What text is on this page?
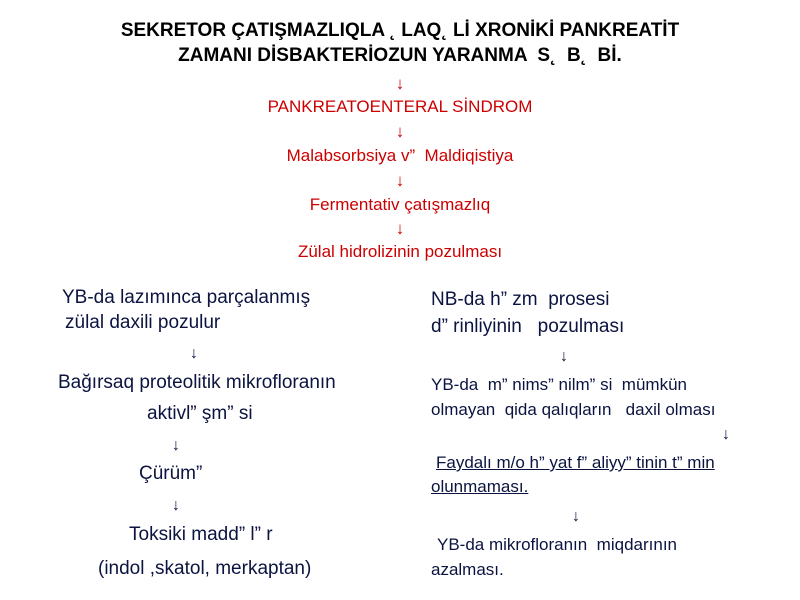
SEKRETOR ÇATIŞMAZLIQLA ˛ LAQ˛ Lİ XRONİKİ PANKREATİT
ZAMANI DİSBAKTERİOZUN YARANMA  S˛  B˛  Bİ.
↓
PANKREATOENTERAL SİNDROM
↓
Malabsorbsiya v”  Maldiqistiya
↓
Fermentativ çatışmazlıq
↓
Zülal hidrolizinin pozulması
YB-da lazımınca parçalanmış
zülal daxili pozulur
↓
Bağırsaq proteolitik mikrofloranın
aktivl” şm” si
↓
Çürüm”
↓
Toksiki madd” l” r
(indol ,skatol, merkaptan)
NB-da h” zm  prosesi
d” rinliyinin   pozulması
↓
YB-da  m” nims” nilm” si  mümkün
olmayan  qida qalıqların   daxil olması
↓
Faydalı m/o h” yat f” aliyy” tinin t” min
olunmaması.
↓
YB-da mikrofloranın  miqdarının
azalması.
